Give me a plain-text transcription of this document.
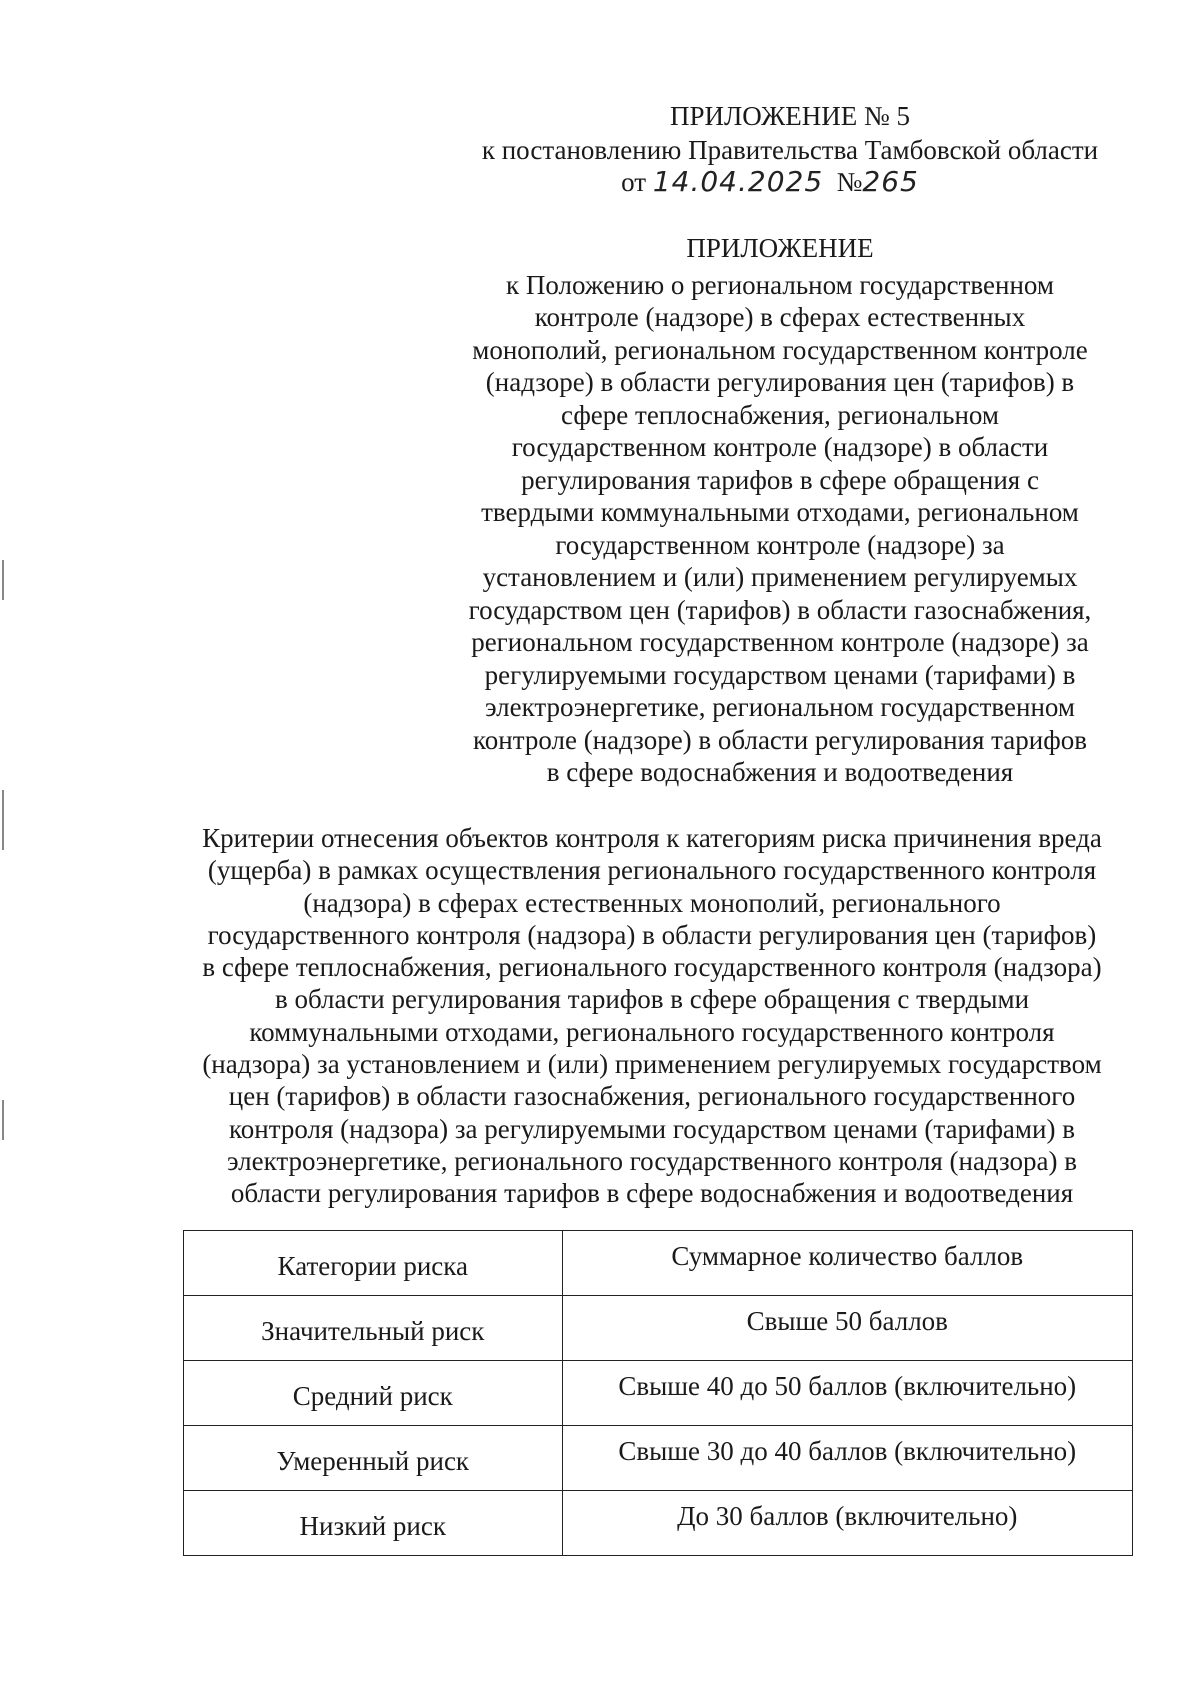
ПРИЛОЖЕНИЕ № 5
к постановлению Правительства Тамбовской области
от 14.04.2025 №265
ПРИЛОЖЕНИЕ
к Положению о региональном государственном
контроле (надзоре) в сферах естественных
монополий, региональном государственном контроле
(надзоре) в области регулирования цен (тарифов) в
сфере теплоснабжения, региональном
государственном контроле (надзоре) в области
регулирования тарифов в сфере обращения с
твердыми коммунальными отходами, региональном
государственном контроле (надзоре) за
установлением и (или) применением регулируемых
государством цен (тарифов) в области газоснабжения,
региональном государственном контроле (надзоре) за
регулируемыми государством ценами (тарифами) в
электроэнергетике, региональном государственном
контроле (надзоре) в области регулирования тарифов
в сфере водоснабжения и водоотведения
Критерии отнесения объектов контроля к категориям риска причинения вреда
(ущерба) в рамках осуществления регионального государственного контроля
(надзора) в сферах естественных монополий, регионального
государственного контроля (надзора) в области регулирования цен (тарифов)
в сфере теплоснабжения, регионального государственного контроля (надзора)
в области регулирования тарифов в сфере обращения с твердыми
коммунальными отходами, регионального государственного контроля
(надзора) за установлением и (или) применением регулируемых государством
цен (тарифов) в области газоснабжения, регионального государственного
контроля (надзора) за регулируемыми государством ценами (тарифами) в
электроэнергетике, регионального государственного контроля (надзора) в
области регулирования тарифов в сфере водоснабжения и водоотведения
Категории риска	Суммарное количество баллов
Значительный риск	Свыше 50 баллов
Средний риск	Свыше 40 до 50 баллов (включительно)
Умеренный риск	Свыше 30 до 40 баллов (включительно)
Низкий риск	До 30 баллов (включительно)
